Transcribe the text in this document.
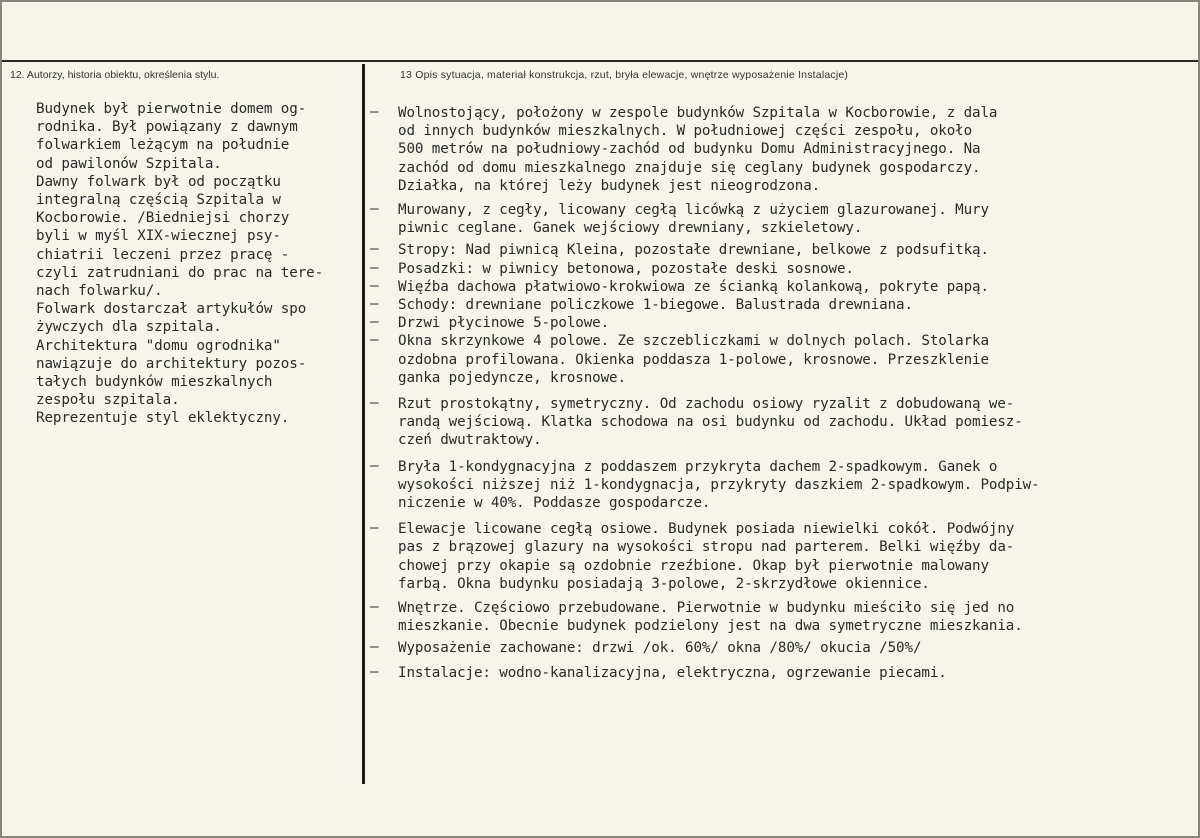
12. Autorzy, historia obiektu, określenia stylu.	13 Opis sytuacja, materiał konstrukcja, rzut, bryła elewacje, wnętrze wyposażenie Instalacje)
Budynek był pierwotnie domem og-
rodnika. Był powiązany z dawnym
folwarkiem leżącym na południe
od pawilonów Szpitala.
Dawny folwark był od początku
integralną częścią Szpitala w
Kocborowie. /Biedniejsi chorzy
byli w myśl XIX-wiecznej psy-
chiatrii leczeni przez pracę -
czyli zatrudniani do prac na tere-
nach folwarku/.
Folwark dostarczał artykułów spo
żywczych dla szpitala.
Architektura "domu ogrodnika"
nawiązuje do architektury pozos-
tałych budynków mieszkalnych
zespołu szpitala.
Reprezentuje styl eklektyczny.
– Wolnostojący, położony w zespole budynków Szpitala w Kocborowie, z dala
od innych budynków mieszkalnych. W południowej części zespołu, około
500 metrów na południowy-zachód od budynku Domu Administracyjnego. Na
zachód od domu mieszkalnego znajduje się ceglany budynek gospodarczy.
Działka, na której leży budynek jest nieogrodzona.
– Murowany, z cegły, licowany cegłą licówką z użyciem glazurowanej. Mury
piwnic ceglane. Ganek wejściowy drewniany, szkieletowy.
– Stropy: Nad piwnicą Kleina, pozostałe drewniane, belkowe z podsufitką.
– Posadzki: w piwnicy betonowa, pozostałe deski sosnowe.
– Więźba dachowa płatwiowo-krokwiowa ze ścianką kolankową, pokryte papą.
– Schody: drewniane policzkowe 1-biegowe. Balustrada drewniana.
– Drzwi płycinowe 5-polowe.
– Okna skrzynkowe 4 polowe. Ze szczebliczkami w dolnych polach. Stolarka
ozdobna profilowana. Okienka poddasza 1-polowe, krosnowe. Przeszklenie
ganka pojedyncze, krosnowe.
– Rzut prostokątny, symetryczny. Od zachodu osiowy ryzalit z dobudowaną we-
randą wejściową. Klatka schodowa na osi budynku od zachodu. Układ pomiesz-
czeń dwutraktowy.
– Bryła 1-kondygnacyjna z poddaszem przykryta dachem 2-spadkowym. Ganek o
wysokości niższej niż 1-kondygnacja, przykryty daszkiem 2-spadkowym. Podpiw-
niczenie w 40%. Poddasze gospodarcze.
– Elewacje licowane cegłą osiowe. Budynek posiada niewielki cokół. Podwójny
pas z brązowej glazury na wysokości stropu nad parterem. Belki więźby da-
chowej przy okapie są ozdobnie rzeźbione. Okap był pierwotnie malowany
farbą. Okna budynku posiadają 3-polowe, 2-skrzydłowe okiennice.
– Wnętrze. Częściowo przebudowane. Pierwotnie w budynku mieściło się jed no
mieszkanie. Obecnie budynek podzielony jest na dwa symetryczne mieszkania.
– Wyposażenie zachowane: drzwi /ok. 60%/ okna /80%/ okucia /50%/
– Instalacje: wodno-kanalizacyjna, elektryczna, ogrzewanie piecami.
